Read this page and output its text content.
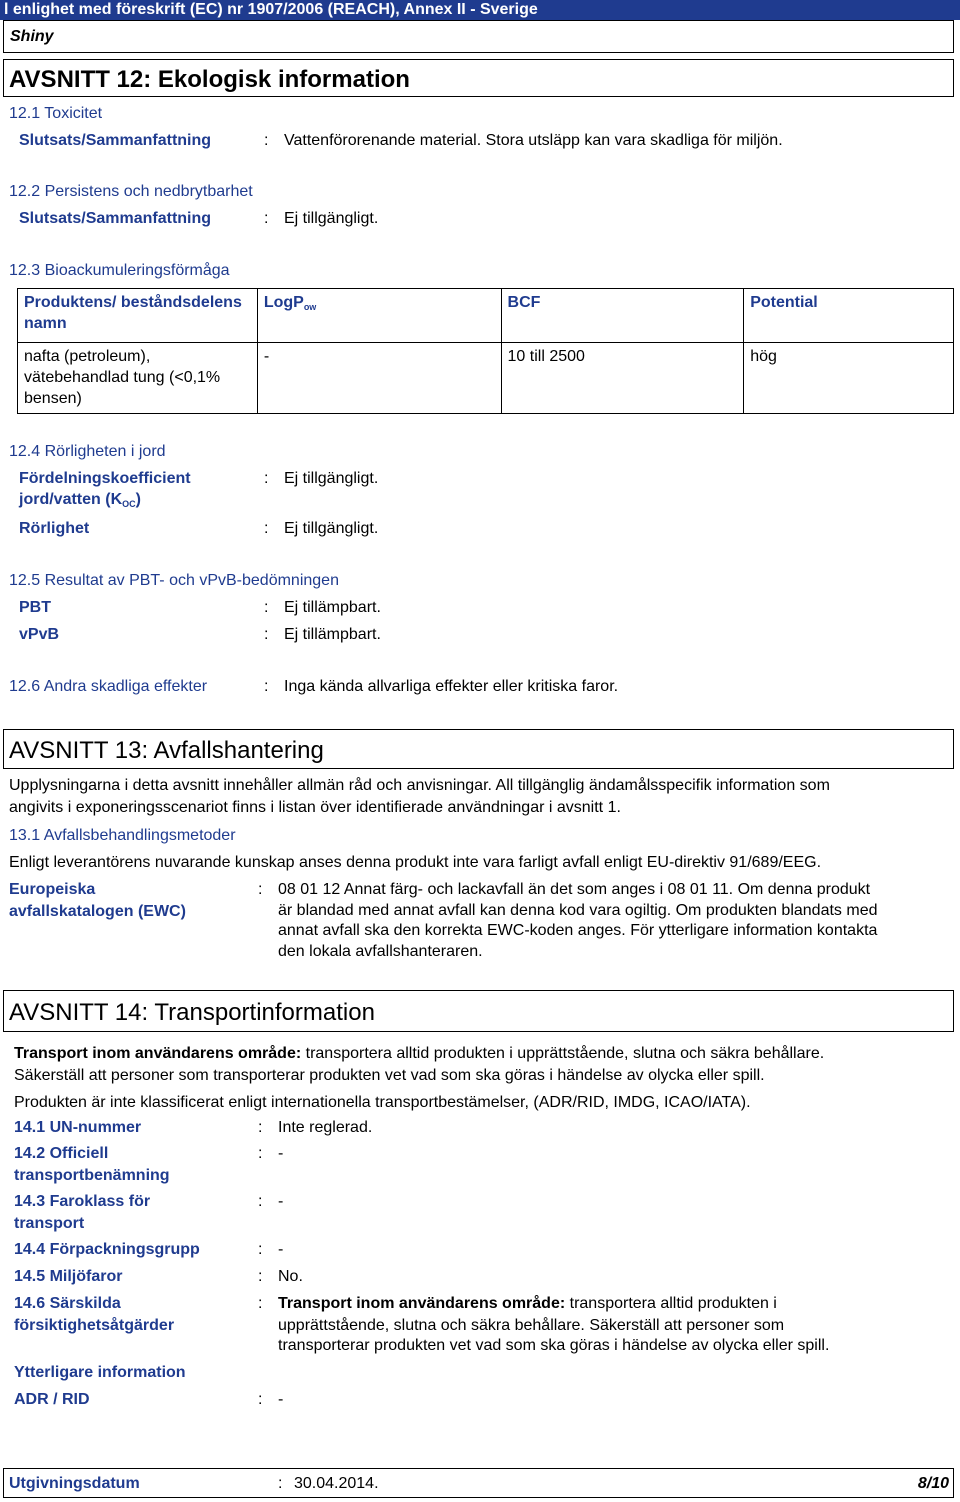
l enlighet med föreskrift (EC) nr 1907/2006 (REACH), Annex II - Sverige
Shiny
AVSNITT 12: Ekologisk information
12.1 Toxicitet
Slutsats/Sammanfattning	: Vattenförorenande material. Stora utsläpp kan vara skadliga för miljön.
12.2 Persistens och nedbrytbarhet
Slutsats/Sammanfattning	: Ej tillgängligt.
12.3 Bioackumuleringsförmåga
Produktens/ beståndsdelens namn	LogP$_{ow}$	BCF	Potential
nafta (petroleum), vätebehandlad tung (<0,1% bensen)	-	10 till 2500	hög
12.4 Rörligheten i jord
Fördelningskoefficient jord/vatten $(K_{OC})$
: Ej tillgängligt.
Rörlighet	: Ej tillgängligt.
12.5 Resultat av PBT- och vPvB-bedömningen
PBT	: Ej tillämpbart.
vPvB	: Ej tillämpbart.
12.6 Andra skadliga effekter	: Inga kända allvarliga effekter eller kritiska faror.
AVSNITT 13: Avfallshantering
Upplysningarna i detta avsnitt innehåller allmän råd och anvisningar. All tillgänglig ändamålsspecifik information som
angivits i exponeringsscenariot finns i listan över identifierade användningar i avsnitt 1.
13.1 Avfallsbehandlingsmetoder
Enligt leverantörens nuvarande kunskap anses denna produkt inte vara farligt avfall enligt EU-direktiv 91/689/EEG.
Europeiska
avfallskatalogen (EWC)
: 08 01 12 Annat färg- och lackavfall än det som anges i 08 01 11. Om denna produkt
är blandad med annat avfall kan denna kod vara ogiltig. Om produkten blandats med
annat avfall ska den korrekta EWC-koden anges. För ytterligare information kontakta
den lokala avfallshanteraren.
AVSNITT 14: Transportinformation
Transport inom användarens område: transportera alltid produkten i upprättstående, slutna och säkra behållare.
Säkerställ att personer som transporterar produkten vet vad som ska göras i händelse av olycka eller spill.
Produkten är inte klassificerat enligt internationella transportbestämelser, (ADR/RID, IMDG, ICAO/IATA).
14.1 UN-nummer	: Inte reglerad.
14.2 Officiell
transportbenämning
: -
14.3 Faroklass för
transport
: -
14.4 Förpackningsgrupp	: -
14.5 Miljöfaror	: No.
14.6 Särskilda
försiktighetsåtgärder
: Transport inom användarens område: transportera alltid produkten i
upprättstående, slutna och säkra behållare. Säkerställ att personer som
transporterar produkten vet vad som ska göras i händelse av olycka eller spill.
Ytterligare information
ADR / RID	: -
Utgivningsdatum	: 30.04.2014.	8/10
